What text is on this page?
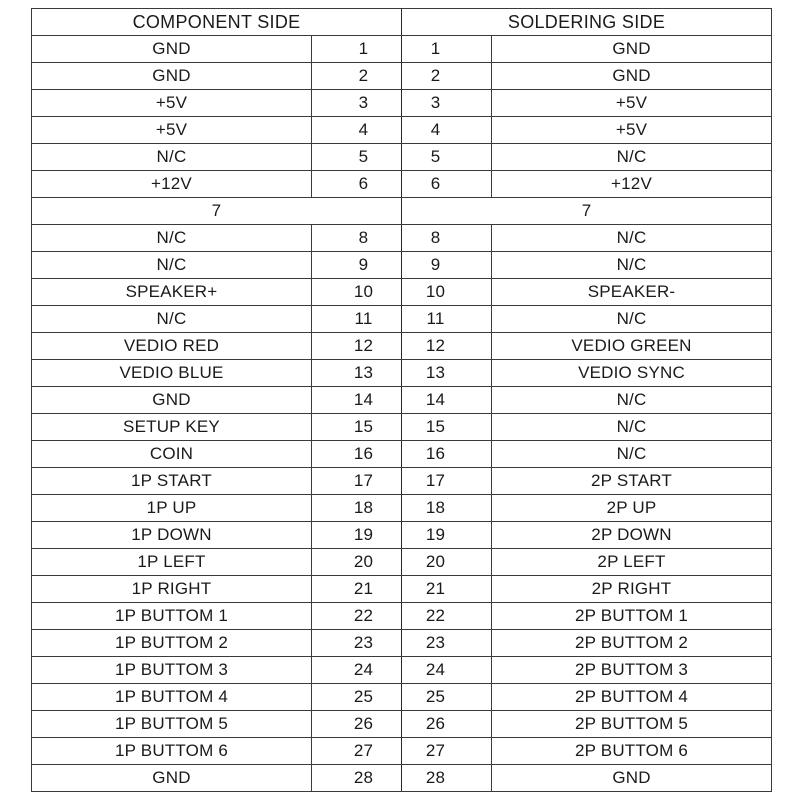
COMPONENT SIDE		SOLDERING SIDE	
GND	1	1	GND
GND	2	2	GND
+5V	3	3	+5V
+5V	4	4	+5V
N/C	5	5	N/C
+12V	6	6	+12V
7		7	
N/C	8	8	N/C
N/C	9	9	N/C
SPEAKER+	10	10	SPEAKER-
N/C	11	11	N/C
VEDIO RED	12	12	VEDIO GREEN
VEDIO BLUE	13	13	VEDIO SYNC
GND	14	14	N/C
SETUP KEY	15	15	N/C
COIN	16	16	N/C
1P START	17	17	2P START
1P UP	18	18	2P UP
1P DOWN	19	19	2P DOWN
1P LEFT	20	20	2P LEFT
1P RIGHT	21	21	2P RIGHT
1P BUTTOM 1	22	22	2P BUTTOM 1
1P BUTTOM 2	23	23	2P BUTTOM 2
1P BUTTOM 3	24	24	2P BUTTOM 3
1P BUTTOM 4	25	25	2P BUTTOM 4
1P BUTTOM 5	26	26	2P BUTTOM 5
1P BUTTOM 6	27	27	2P BUTTOM 6
GND	28	28	GND
